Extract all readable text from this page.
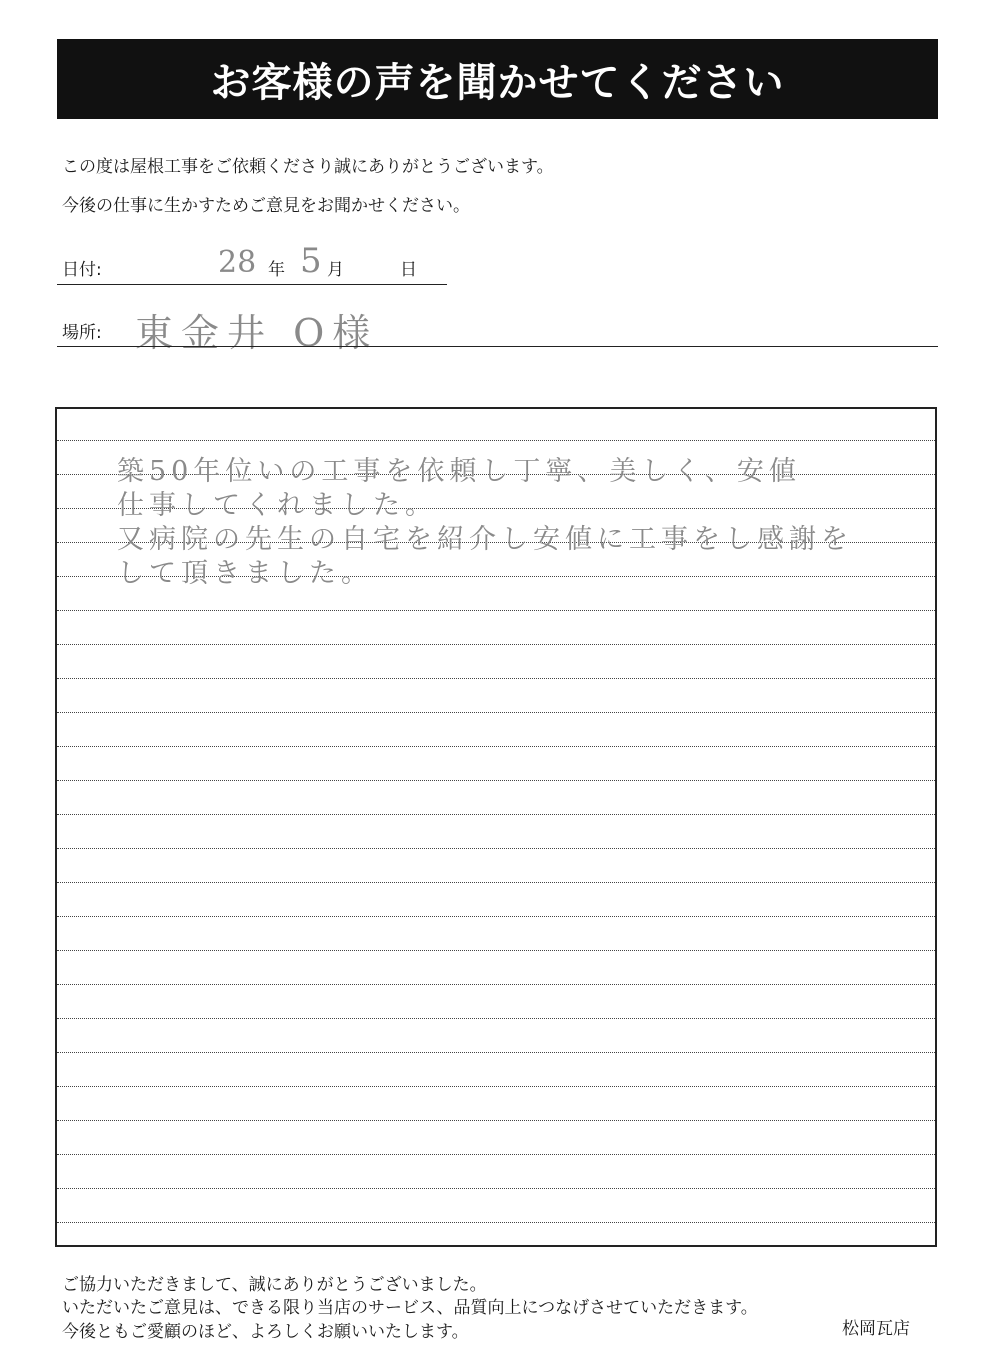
お客様の声を聞かせてください
この度は屋根工事をご依頼くださり誠にありがとうございます。
今後の仕事に生かすためご意見をお聞かせください。
日付:	28 年 5 月	日
場所: 東金井 O様
築50年位いの工事を依頼し丁寧、美しく、安値
仕事してくれました。
又病院の先生の自宅を紹介し安値に工事をし感謝を
して頂きました。
ご協力いただきまして、誠にありがとうございました。
いただいたご意見は、できる限り当店のサービス、品質向上につなげさせていただきます。
今後ともご愛顧のほど、よろしくお願いいたします。	松岡瓦店
